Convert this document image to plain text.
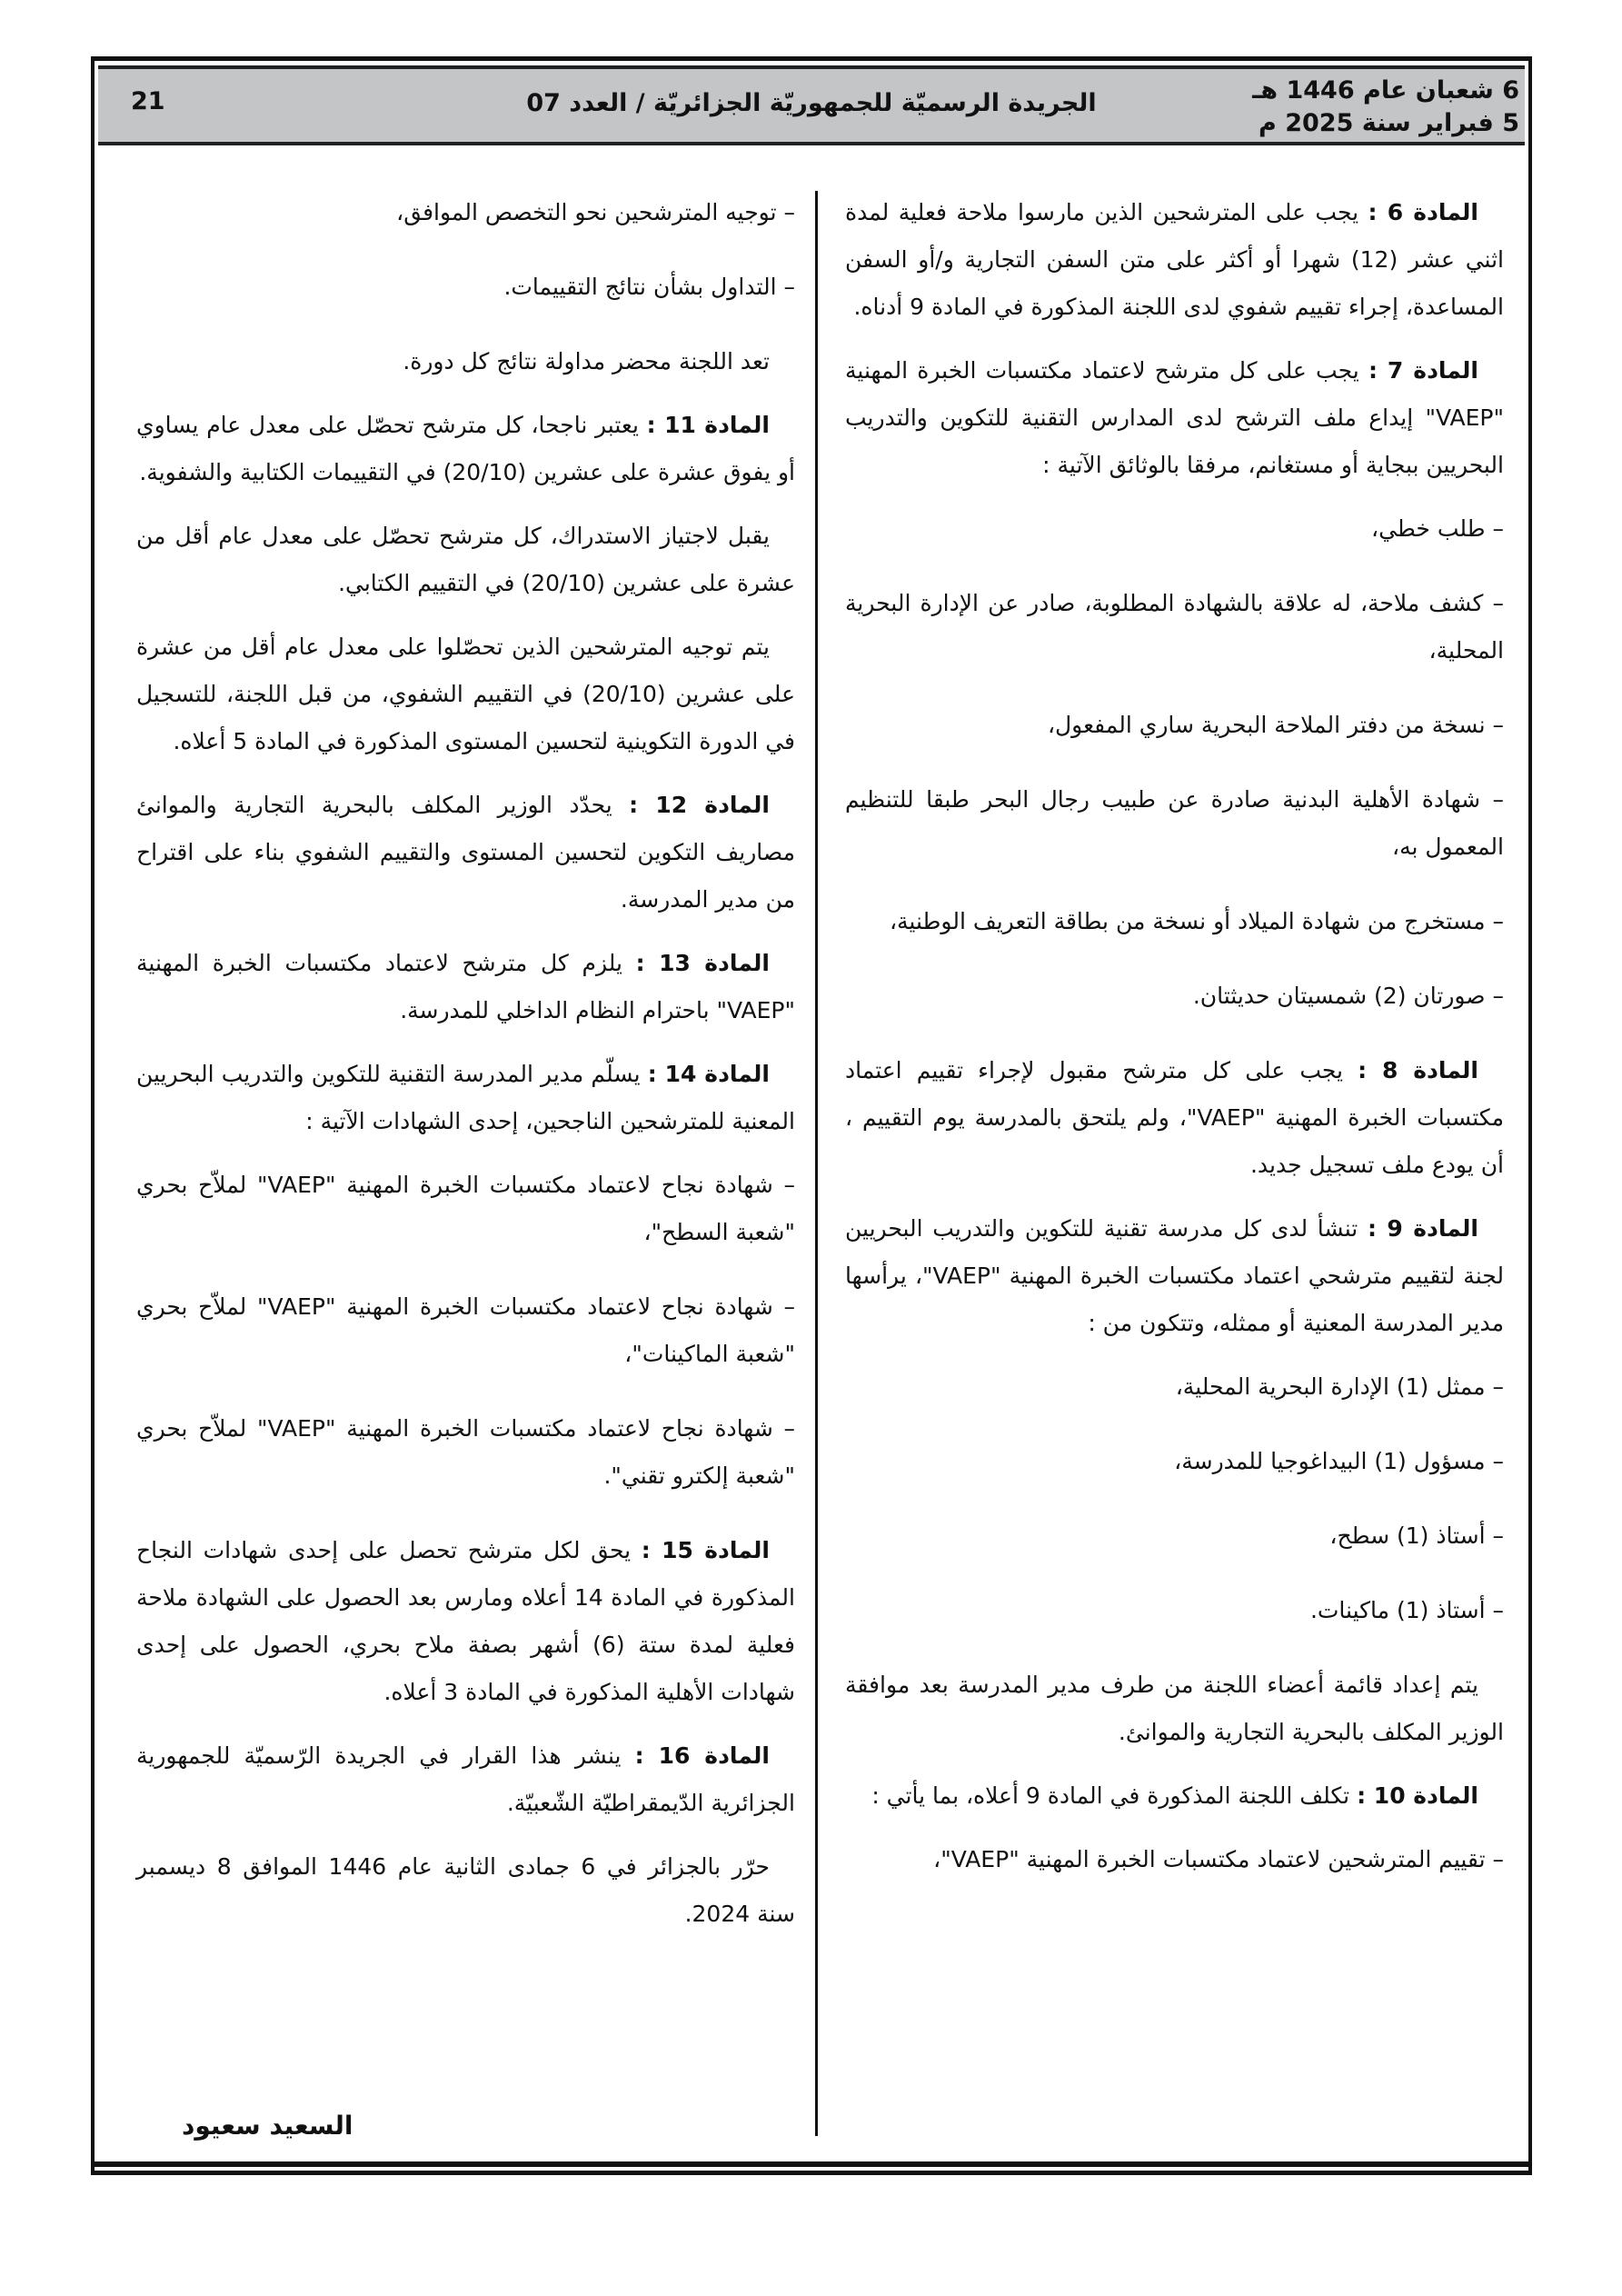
6 شعبان عام 1446 هـ
5 فبراير سنة 2025 م
الجريدة الرسميّة للجمهوريّة الجزائريّة / العدد 07
21

المادة 6 : يجب على المترشحين الذين مارسوا ملاحة فعلية لمدة اثني عشر (12) شهرا أو أكثر على متن السفن التجارية و/أو السفن المساعدة، إجراء تقييم شفوي لدى اللجنة المذكورة في المادة 9 أدناه.

المادة 7 : يجب على كل مترشح لاعتماد مكتسبات الخبرة المهنية "VAEP" إيداع ملف الترشح لدى المدارس التقنية للتكوين والتدريب البحريين ببجاية أو مستغانم، مرفقا بالوثائق الآتية :

– طلب خطي،

– كشف ملاحة، له علاقة بالشهادة المطلوبة، صادر عن الإدارة البحرية المحلية،

– نسخة من دفتر الملاحة البحرية ساري المفعول،

– شهادة الأهلية البدنية صادرة عن طبيب رجال البحر طبقا للتنظيم المعمول به،

– مستخرج من شهادة الميلاد أو نسخة من بطاقة التعريف الوطنية،

– صورتان (2) شمسيتان حديثتان.

المادة 8 : يجب على كل مترشح مقبول لإجراء تقييم اعتماد مكتسبات الخبرة المهنية "VAEP"، ولم يلتحق بالمدرسة يوم التقييم ، أن يودع ملف تسجيل جديد.

المادة 9 : تنشأ لدى كل مدرسة تقنية للتكوين والتدريب البحريين لجنة لتقييم مترشحي اعتماد مكتسبات الخبرة المهنية "VAEP"، يرأسها مدير المدرسة المعنية أو ممثله، وتتكون من :

– ممثل (1) الإدارة البحرية المحلية،

– مسؤول (1) البيداغوجيا للمدرسة،

– أستاذ (1) سطح،

– أستاذ (1) ماكينات.

يتم إعداد قائمة أعضاء اللجنة من طرف مدير المدرسة بعد موافقة الوزير المكلف بالبحرية التجارية والموانئ.

المادة 10 : تكلف اللجنة المذكورة في المادة 9 أعلاه، بما يأتي :

– تقييم المترشحين لاعتماد مكتسبات الخبرة المهنية "VAEP"،

– توجيه المترشحين نحو التخصص الموافق،

– التداول بشأن نتائج التقييمات.

تعد اللجنة محضر مداولة نتائج كل دورة.

المادة 11 : يعتبر ناجحا، كل مترشح تحصّل على معدل عام يساوي أو يفوق عشرة على عشرين (20/10) في التقييمات الكتابية والشفوية.

يقبل لاجتياز الاستدراك، كل مترشح تحصّل على معدل عام أقل من عشرة على عشرين (20/10) في التقييم الكتابي.

يتم توجيه المترشحين الذين تحصّلوا على معدل عام أقل من عشرة على عشرين (20/10) في التقييم الشفوي، من قبل اللجنة، للتسجيل في الدورة التكوينية لتحسين المستوى المذكورة في المادة 5 أعلاه.

المادة 12 : يحدّد الوزير المكلف بالبحرية التجارية والموانئ مصاريف التكوين لتحسين المستوى والتقييم الشفوي بناء على اقتراح من مدير المدرسة.

المادة 13 : يلزم كل مترشح لاعتماد مكتسبات الخبرة المهنية "VAEP" باحترام النظام الداخلي للمدرسة.

المادة 14 : يسلّم مدير المدرسة التقنية للتكوين والتدريب البحريين المعنية للمترشحين الناجحين، إحدى الشهادات الآتية :

– شهادة نجاح لاعتماد مكتسبات الخبرة المهنية "VAEP" لملاّح بحري "شعبة السطح"،

– شهادة نجاح لاعتماد مكتسبات الخبرة المهنية "VAEP" لملاّح بحري "شعبة الماكينات"،

– شهادة نجاح لاعتماد مكتسبات الخبرة المهنية "VAEP" لملاّح بحري "شعبة إلكترو تقني".

المادة 15 : يحق لكل مترشح تحصل على إحدى شهادات النجاح المذكورة في المادة 14 أعلاه ومارس بعد الحصول على الشهادة ملاحة فعلية لمدة ستة (6) أشهر بصفة ملاح بحري، الحصول على إحدى شهادات الأهلية المذكورة في المادة 3 أعلاه.

المادة 16 : ينشر هذا القرار في الجريدة الرّسميّة للجمهورية الجزائرية الدّيمقراطيّة الشّعبيّة.

حرّر بالجزائر في 6 جمادى الثانية عام 1446 الموافق 8 ديسمبر سنة 2024.

السعيد سعيود
